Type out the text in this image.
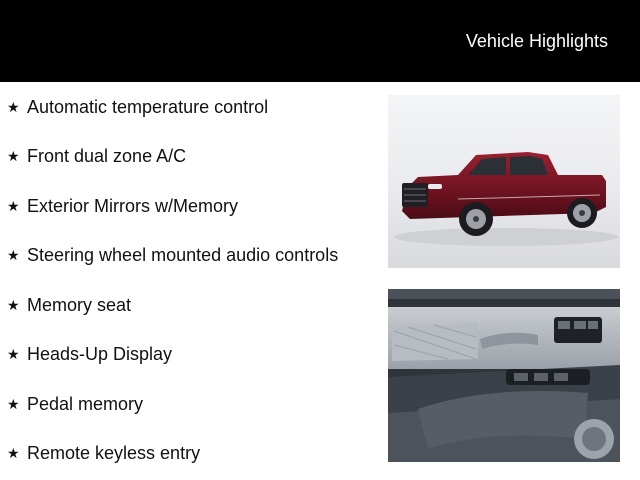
Vehicle Highlights
★ Automatic temperature control
★ Front dual zone A/C
★ Exterior Mirrors w/Memory
★ Steering wheel mounted audio controls
★ Memory seat
★ Heads-Up Display
★ Pedal memory
★ Remote keyless entry
